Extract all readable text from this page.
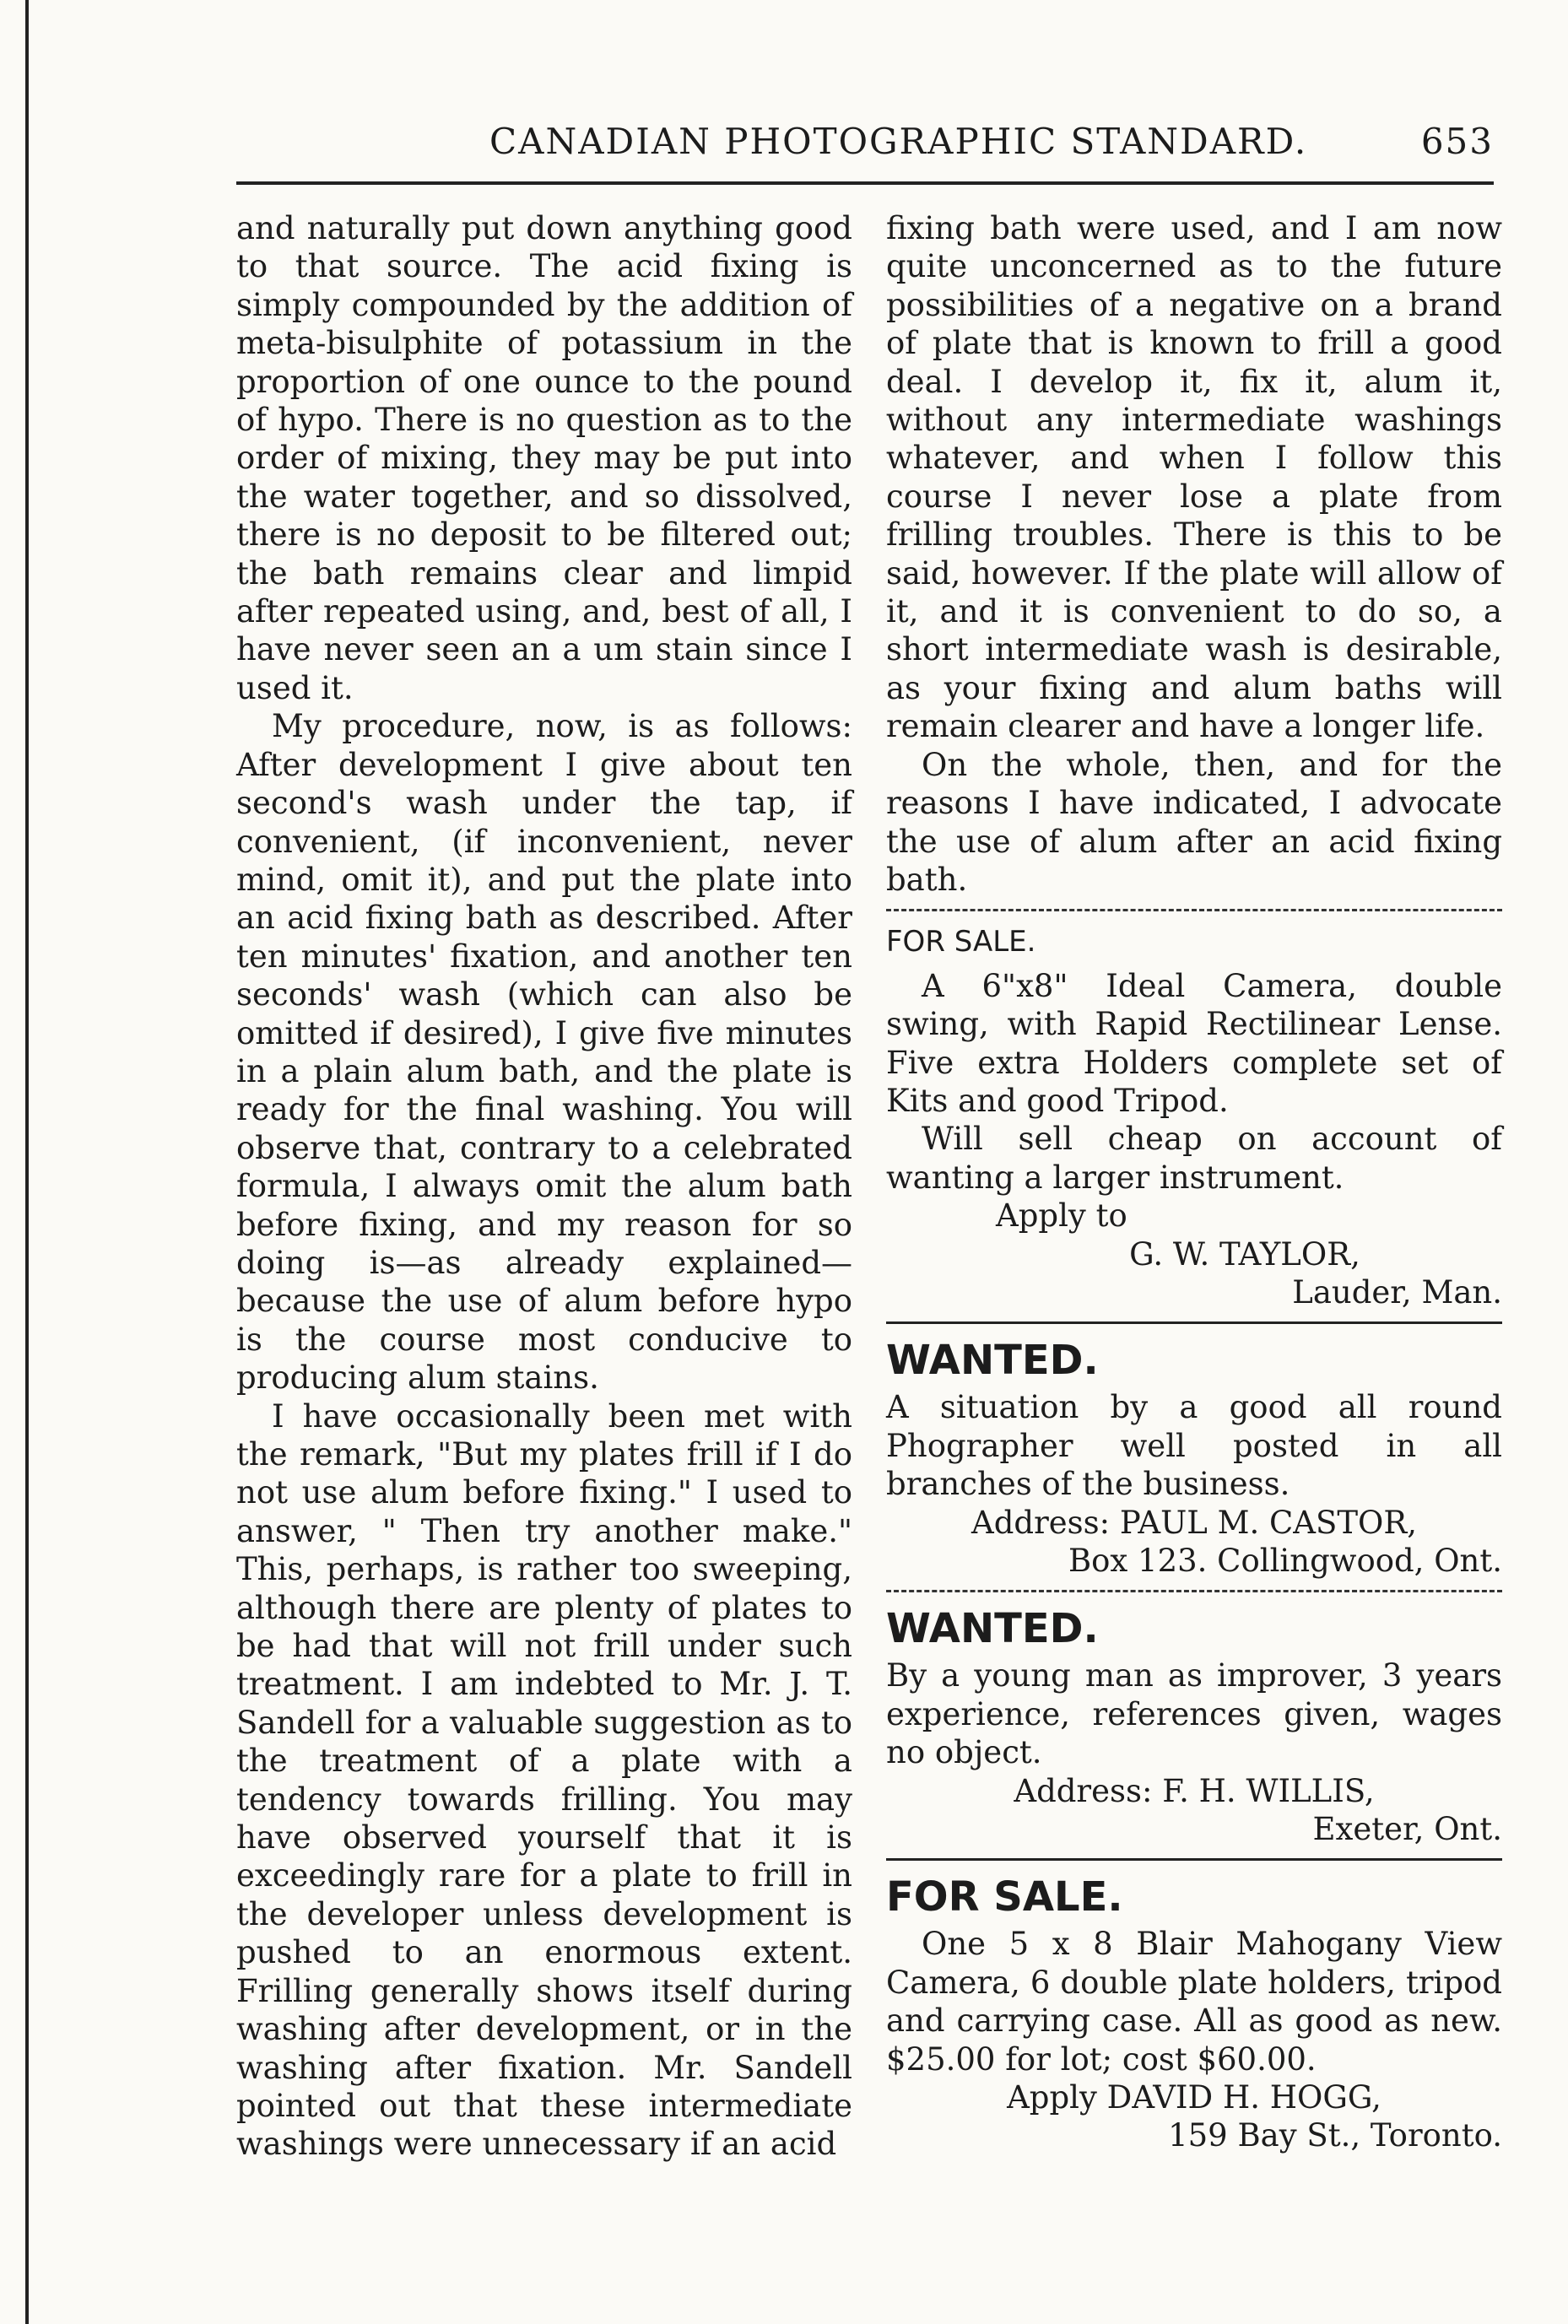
CANADIAN PHOTOGRAPHIC STANDARD.	653

and naturally put down anything good to that source. The acid fixing is simply compounded by the addition of meta-bisulphite of potassium in the proportion of one ounce to the pound of hypo. There is no question as to the order of mixing, they may be put into the water together, and so dissolved, there is no deposit to be filtered out; the bath remains clear and limpid after repeated using, and, best of all, I have never seen an a um stain since I used it.

My procedure, now, is as follows: After development I give about ten second's wash under the tap, if convenient, (if inconvenient, never mind, omit it), and put the plate into an acid fixing bath as described. After ten minutes' fixation, and another ten seconds' wash (which can also be omitted if desired), I give five minutes in a plain alum bath, and the plate is ready for the final washing. You will observe that, contrary to a celebrated formula, I always omit the alum bath before fixing, and my reason for so doing is—as already explained—because the use of alum before hypo is the course most conducive to producing alum stains.

I have occasionally been met with the remark, "But my plates frill if I do not use alum before fixing." I used to answer, " Then try another make." This, perhaps, is rather too sweeping, although there are plenty of plates to be had that will not frill under such treatment. I am indebted to Mr. J. T. Sandell for a valuable suggestion as to the treatment of a plate with a tendency towards frilling. You may have observed yourself that it is exceedingly rare for a plate to frill in the developer unless development is pushed to an enormous extent. Frilling generally shows itself during washing after development, or in the washing after fixation. Mr. Sandell pointed out that these intermediate washings were unnecessary if an acid

fixing bath were used, and I am now quite unconcerned as to the future possibilities of a negative on a brand of plate that is known to frill a good deal. I develop it, fix it, alum it, without any intermediate washings whatever, and when I follow this course I never lose a plate from frilling troubles. There is this to be said, however. If the plate will allow of it, and it is convenient to do so, a short intermediate wash is desirable, as your fixing and alum baths will remain clearer and have a longer life.

On the whole, then, and for the reasons I have indicated, I advocate the use of alum after an acid fixing bath.

FOR SALE.

A 6"x8" Ideal Camera, double swing, with Rapid Rectilinear Lense. Five extra Holders complete set of Kits and good Tripod.

Will sell cheap on account of wanting a larger instrument.

Apply to

G. W. TAYLOR,

Lauder, Man.

WANTED.

A situation by a good all round Phographer well posted in all branches of the business.

Address: PAUL M. CASTOR,

Box 123. Collingwood, Ont.

WANTED.

By a young man as improver, 3 years experience, references given, wages no object.

Address: F. H. WILLIS,

Exeter, Ont.

FOR SALE.

One 5 x 8 Blair Mahogany View Camera, 6 double plate holders, tripod and carrying case. All as good as new. $25.00 for lot; cost $60.00.

Apply DAVID H. HOGG,

159 Bay St., Toronto.
